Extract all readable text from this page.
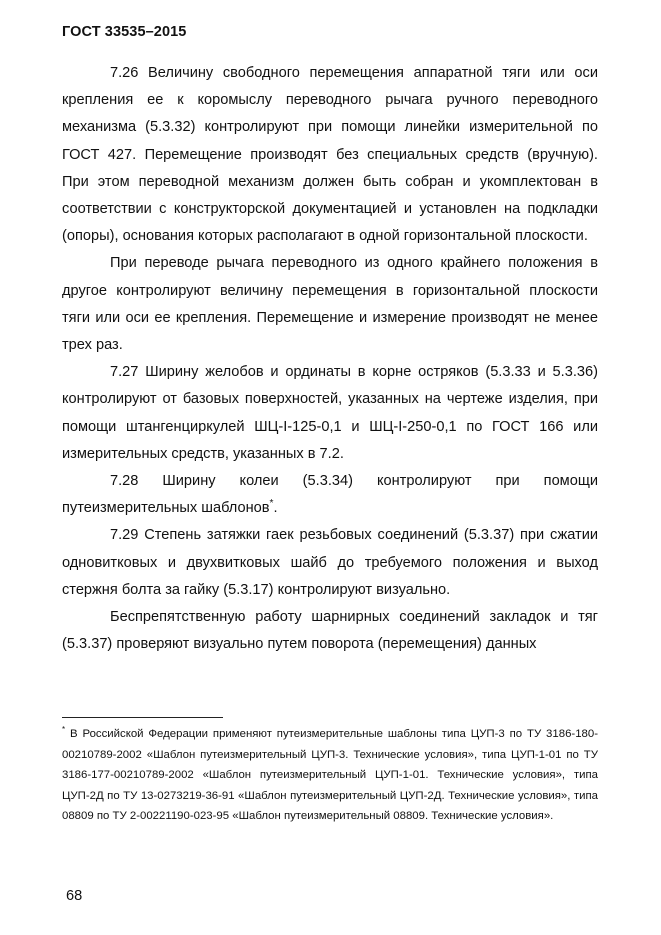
ГОСТ 33535–2015

7.26 Величину свободного перемещения аппаратной тяги или оси крепления ее к коромыслу переводного рычага ручного переводного механизма (5.3.32) контролируют при помощи линейки измерительной по ГОСТ 427. Перемещение производят без специальных средств (вручную). При этом переводной механизм должен быть собран и укомплектован в соответствии с конструкторской документацией и установлен на подкладки (опоры), основания которых располагают в одной горизонтальной плоскости.

При переводе рычага переводного из одного крайнего положения в другое контролируют величину перемещения в горизонтальной плоскости тяги или оси ее крепления. Перемещение и измерение производят не менее трех раз.

7.27 Ширину желобов и ординаты в корне остряков (5.3.33 и 5.3.36) контролируют от базовых поверхностей, указанных на чертеже изделия, при помощи штангенциркулей ШЦ-I-125-0,1 и ШЦ-I-250-0,1 по ГОСТ 166 или измерительных средств, указанных в 7.2.

7.28 Ширину колеи (5.3.34) контролируют при помощи путеизмерительных шаблонов*.

7.29 Степень затяжки гаек резьбовых соединений (5.3.37) при сжатии одновитковых и двухвитковых шайб до требуемого положения и выход стержня болта за гайку (5.3.17) контролируют визуально.

Беспрепятственную работу шарнирных соединений закладок и тяг (5.3.37) проверяют визуально путем поворота (перемещения) данных

* В Российской Федерации применяют путеизмерительные шаблоны типа ЦУП-3 по ТУ 3186-180-00210789-2002 «Шаблон путеизмерительный ЦУП-3. Технические условия», типа ЦУП-1-01 по ТУ 3186-177-00210789-2002 «Шаблон путеизмерительный ЦУП-1-01. Технические условия», типа ЦУП-2Д по ТУ 13-0273219-36-91 «Шаблон путеизмерительный ЦУП-2Д. Технические условия», типа 08809 по ТУ 2-00221190-023-95 «Шаблон путеизмерительный 08809. Технические условия».
68
